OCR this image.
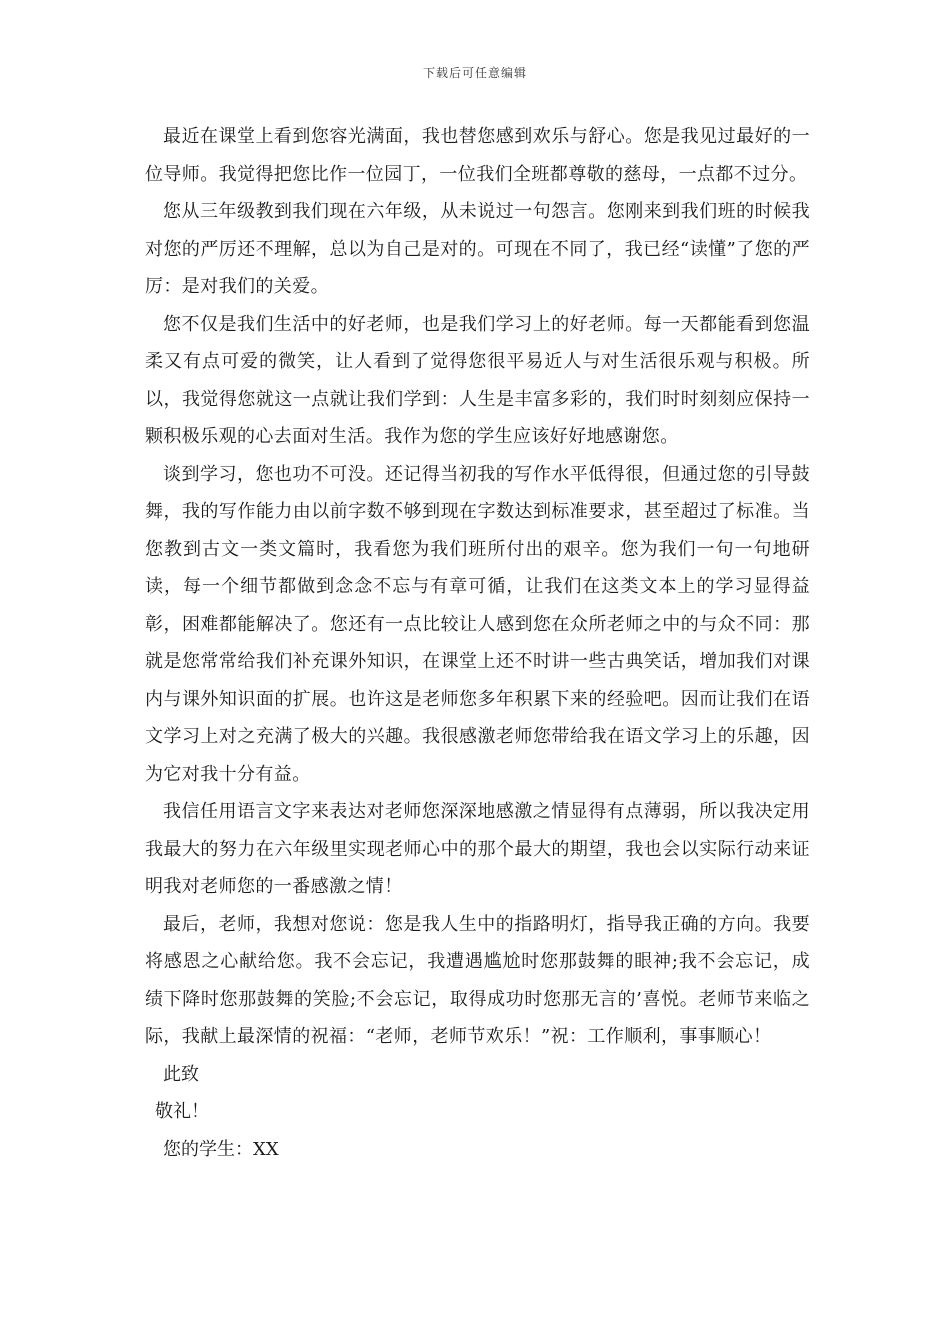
下载后可任意编辑

最近在课堂上看到您容光满面，我也替您感到欢乐与舒心。您是我见过最好的一位导师。我觉得把您比作一位园丁，一位我们全班都尊敬的慈母，一点都不过分。

您从三年级教到我们现在六年级，从未说过一句怨言。您刚来到我们班的时候我对您的严厉还不理解，总以为自己是对的。可现在不同了，我已经“读懂”了您的严厉：是对我们的关爱。

您不仅是我们生活中的好老师，也是我们学习上的好老师。每一天都能看到您温柔又有点可爱的微笑，让人看到了觉得您很平易近人与对生活很乐观与积极。所以，我觉得您就这一点就让我们学到：人生是丰富多彩的，我们时时刻刻应保持一颗积极乐观的心去面对生活。我作为您的学生应该好好地感谢您。

谈到学习，您也功不可没。还记得当初我的写作水平低得很，但通过您的引导鼓舞，我的写作能力由以前字数不够到现在字数达到标准要求，甚至超过了标准。当您教到古文一类文篇时，我看您为我们班所付出的艰辛。您为我们一句一句地研读，每一个细节都做到念念不忘与有章可循，让我们在这类文本上的学习显得益彰，困难都能解决了。您还有一点比较让人感到您在众所老师之中的与众不同：那就是您常常给我们补充课外知识，在课堂上还不时讲一些古典笑话，增加我们对课内与课外知识面的扩展。也许这是老师您多年积累下来的经验吧。因而让我们在语文学习上对之充满了极大的兴趣。我很感激老师您带给我在语文学习上的乐趣，因为它对我十分有益。

我信任用语言文字来表达对老师您深深地感激之情显得有点薄弱，所以我决定用我最大的努力在六年级里实现老师心中的那个最大的期望，我也会以实际行动来证明我对老师您的一番感激之情！

最后，老师，我想对您说：您是我人生中的指路明灯，指导我正确的方向。我要将感恩之心献给您。我不会忘记，我遭遇尴尬时您那鼓舞的眼神;我不会忘记，成绩下降时您那鼓舞的笑脸;不会忘记，取得成功时您那无言的’喜悦。老师节来临之际，我献上最深情的祝福：“老师，老师节欢乐！”祝：工作顺利，事事顺心！

此致

敬礼！

您的学生：XX
